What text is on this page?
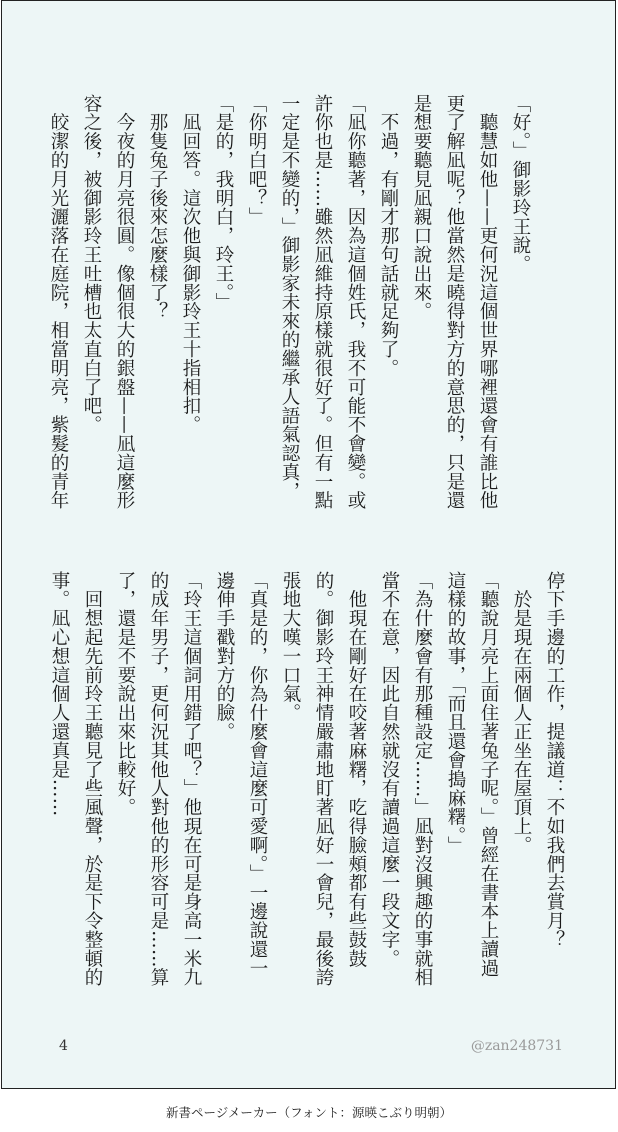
「好。」御影玲王說。

　聽慧如他——更何況這個世界哪裡還會有誰比他更了解凪呢？他當然是曉得對方的意思的，只是還是想要聽見凪親口說出來。

　不過，有剛才那句話就足夠了。

「凪你聽著，因為這個姓氏，我不可能不會變。或許你也是……雖然凪維持原樣就很好了。但有一點一定是不變的，」御影家未來的繼承人語氣認真，「你明白吧？」

「是的，我明白，玲王。」

　凪回答。這次他與御影玲王十指相扣。

　那隻兔子後來怎麼樣了？

　今夜的月亮很圓。像個很大的銀盤——凪這麼形容之後，被御影玲王吐槽也太直白了吧。

　皎潔的月光灑落在庭院，相當明亮，紫髮的青年

停下手邊的工作，提議道：不如我們去賞月？

　於是現在兩個人正坐在屋頂上。

「聽說月亮上面住著兔子呢。」曾經在書本上讀過這樣的故事，「而且還會搗麻糬。」

「為什麼會有那種設定……」凪對沒興趣的事就相當不在意，因此自然就沒有讀過這麼一段文字。

　他現在剛好在咬著麻糬，吃得臉頰都有些鼓鼓的。御影玲王神情嚴肅地盯著凪好一會兒，最後誇張地大嘆一口氣。

「真是的，你為什麼會這麼可愛啊。」一邊說還一邊伸手戳對方的臉。

「玲王這個詞用錯了吧？」他現在可是身高一米九的成年男子，更何況其他人對他的形容可是……算了，還是不要說出來比較好。

　回想起先前玲王聽見了些風聲，於是下令整頓的事。凪心想這個人還真是……

4	@zan248731
新書ページメーカー（フォント：源暎こぶり明朝）
